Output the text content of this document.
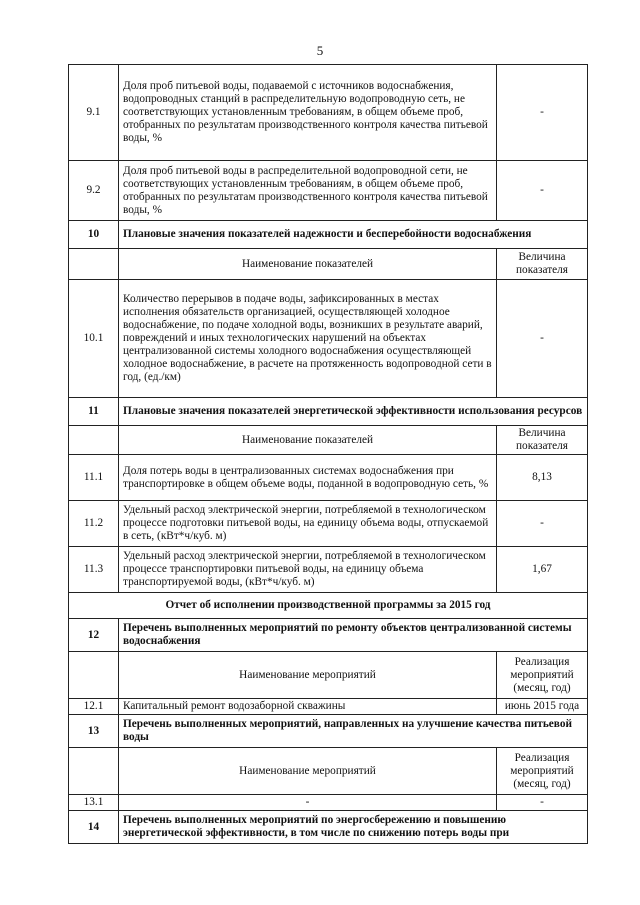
5
9.1	Доля проб питьевой воды, подаваемой с источников водоснабжения, водопроводных станций в распределительную водопроводную сеть, не соответствующих установленным требованиям, в общем объеме проб, отобранных по результатам производственного контроля качества питьевой воды, %	-
9.2	Доля проб питьевой воды в распределительной водопроводной сети, не соответствующих установленным требованиям, в общем объеме проб, отобранных по результатам производственного контроля качества питьевой воды, %	-
10	Плановые значения показателей надежности и бесперебойности водоснабжения	
	Наименование показателей	Величина показателя
10.1	Количество перерывов в подаче воды, зафиксированных в местах исполнения обязательств организацией, осуществляющей холодное водоснабжение, по подаче холодной воды, возникших в результате аварий, повреждений и иных технологических нарушений на объектах централизованной системы холодного водоснабжения осуществляющей холодное водоснабжение, в расчете на протяженность водопроводной сети в год, (ед./км)	-
11	Плановые значения показателей энергетической эффективности использования ресурсов	
	Наименование показателей	Величина показателя
11.1	Доля потерь воды в централизованных системах водоснабжения при транспортировке в общем объеме воды, поданной в водопроводную сеть, %	8,13
11.2	Удельный расход электрической энергии, потребляемой в технологическом процессе подготовки питьевой воды, на единицу объема воды, отпускаемой в сеть, (кВт*ч/куб. м)	-
11.3	Удельный расход электрической энергии, потребляемой в технологическом процессе транспортировки питьевой воды, на единицу объема транспортируемой воды, (кВт*ч/куб. м)	1,67
Отчет об исполнении производственной программы за 2015 год		
12	Перечень выполненных мероприятий по ремонту объектов централизованной системы водоснабжения	
	Наименование мероприятий	Реализация мероприятий (месяц, год)
12.1	Капитальный ремонт водозаборной скважины	июнь 2015 года
13	Перечень выполненных мероприятий, направленных на улучшение качества питьевой воды	
	Наименование мероприятий	Реализация мероприятий (месяц, год)
13.1	-	-
14	Перечень выполненных мероприятий по энергосбережению и повышению энергетической эффективности, в том числе по снижению потерь воды при	
